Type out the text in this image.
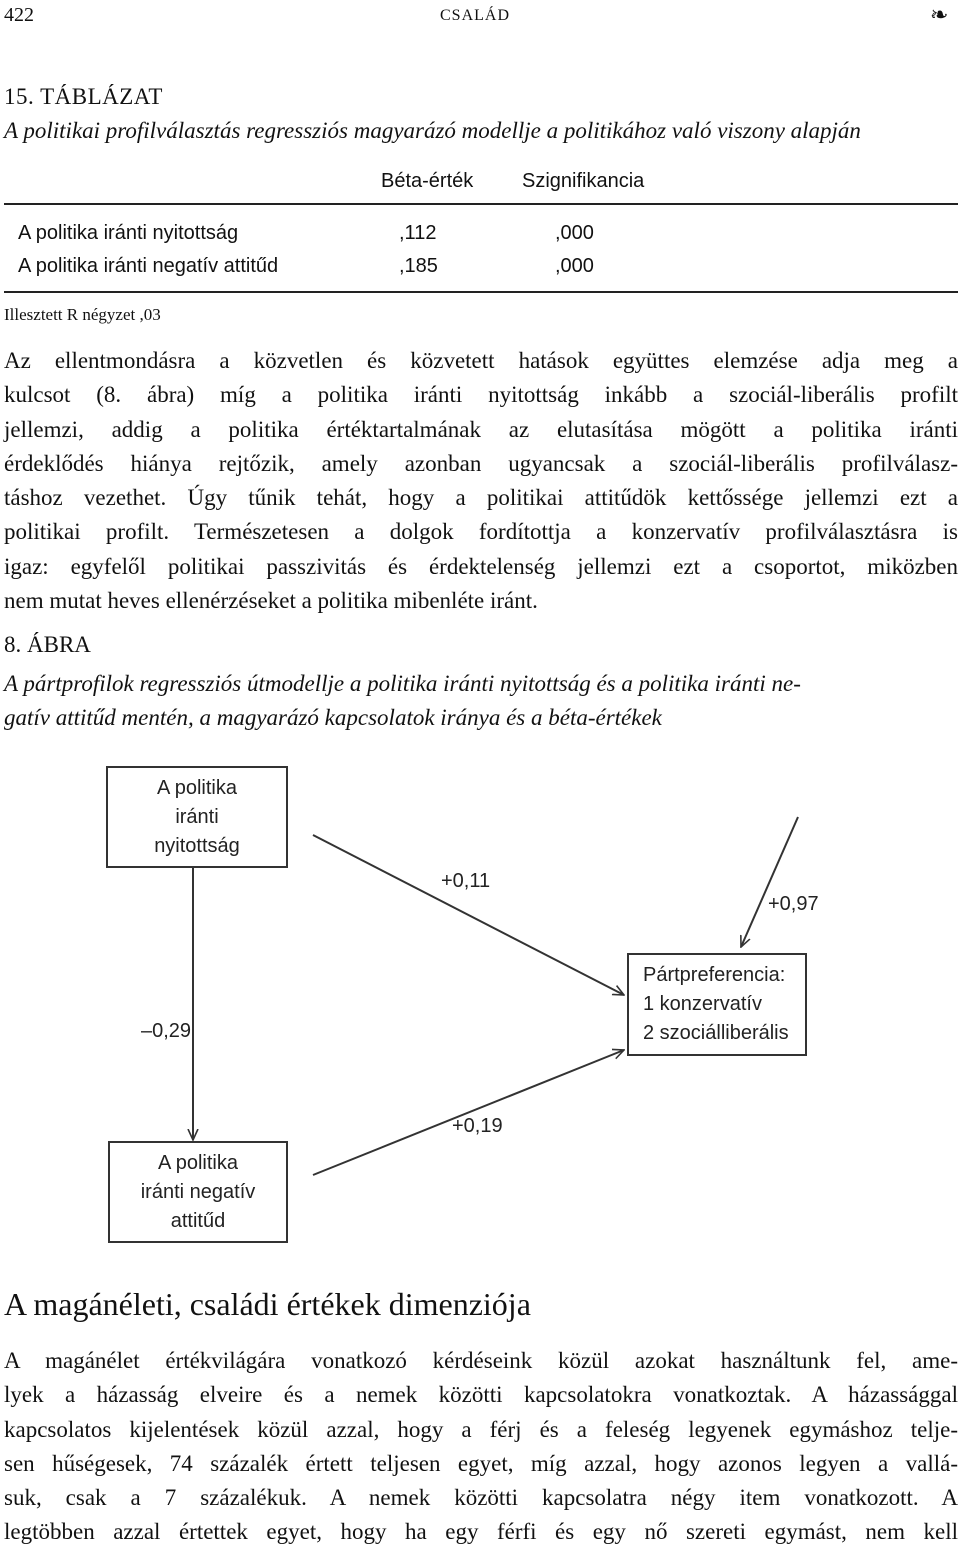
422	CSALÁD	❧
15. TÁBLÁZAT
A politikai profilválasztás regressziós magyarázó modellje a politikához való viszony alapján
Béta-érték Szignifikancia
A politika iránti nyitottság	,112	,000
A politika iránti negatív attitűd	,185	,000
Illesztett R négyzet ,03
Az ellentmondásra a közvetlen és közvetett hatások együttes elemzése adja meg a
kulcsot (8. ábra) míg a politika iránti nyitottság inkább a szociál-liberális profilt
jellemzi, addig a politika értéktartalmának az elutasítása mögött a politika iránti
érdeklődés hiánya rejtőzik, amely azonban ugyancsak a szociál-liberális profilválasz-
táshoz vezethet. Úgy tűnik tehát, hogy a politikai attitűdök kettőssége jellemzi ezt a
politikai profilt. Természetesen a dolgok fordítottja a konzervatív profilválasztásra is
igaz: egyfelől politikai passzivitás és érdektelenség jellemzi ezt a csoportot, miközben
nem mutat heves ellenérzéseket a politika mibenléte iránt.
8. ÁBRA
A pártprofilok regressziós útmodellje a politika iránti nyitottság és a politika iránti ne-
gatív attitűd mentén, a magyarázó kapcsolatok iránya és a béta-értékek
A politika
iránti
nyitottság
Pártpreferencia:
1 konzervatív
2 szociálliberális
A politika
iránti negatív
attitűd
+0,11
+0,97
–0,29
+0,19
A magánéleti, családi értékek dimenziója
A magánélet értékvilágára vonatkozó kérdéseink közül azokat használtunk fel, ame-
lyek a házasság elveire és a nemek közötti kapcsolatokra vonatkoztak. A házassággal
kapcsolatos kijelentések közül azzal, hogy a férj és a feleség legyenek egymáshoz telje-
sen hűségesek, 74 százalék értett teljesen egyet, míg azzal, hogy azonos legyen a vallá-
suk, csak a 7 százalékuk. A nemek közötti kapcsolatra négy item vonatkozott. A
legtöbben azzal értettek egyet, hogy ha egy férfi és egy nő szereti egymást, nem kell
